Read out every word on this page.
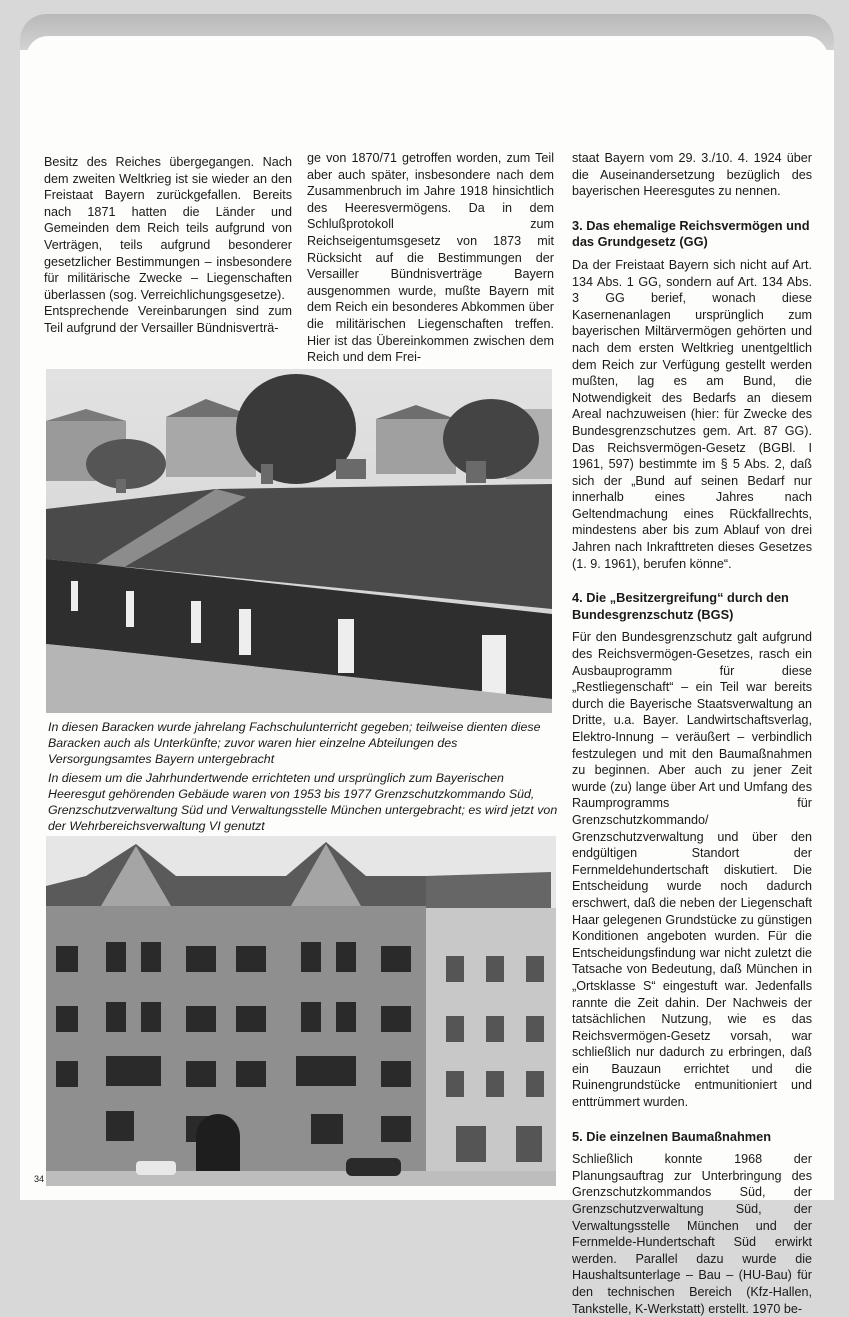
Besitz des Reiches übergegangen. Nach dem zweiten Weltkrieg ist sie wieder an den Freistaat Bayern zurückgefallen. Bereits nach 1871 hatten die Länder und Gemeinden dem Reich teils aufgrund von Verträgen, teils aufgrund besonderer gesetzlicher Bestimmungen – insbesondere für militärische Zwecke – Liegenschaften überlassen (sog. Verreichlichungsgesetze).

Entsprechende Vereinbarungen sind zum Teil aufgrund der Versailler Bündnisverträ-

ge von 1870/71 getroffen worden, zum Teil aber auch später, insbesondere nach dem Zusammenbruch im Jahre 1918 hinsichtlich des Heeresvermögens. Da in dem Schlußprotokoll zum Reichseigentumsgesetz von 1873 mit Rücksicht auf die Bestimmungen der Versailler Bündnisverträge Bayern ausgenommen wurde, mußte Bayern mit dem Reich ein besonderes Abkommen über die militärischen Liegenschaften treffen. Hier ist das Übereinkommen zwischen dem Reich und dem Frei-

staat Bayern vom 29. 3./10. 4. 1924 über die Auseinandersetzung bezüglich des bayerischen Heeresgutes zu nennen.

3. Das ehemalige Reichsvermögen und das Grundgesetz (GG)

Da der Freistaat Bayern sich nicht auf Art. 134 Abs. 1 GG, sondern auf Art. 134 Abs. 3 GG berief, wonach diese Kasernenanlagen ursprünglich zum bayerischen Miltärvermögen gehörten und nach dem ersten Weltkrieg unentgeltlich dem Reich zur Verfügung gestellt werden mußten, lag es am Bund, die Notwendigkeit des Bedarfs an diesem Areal nachzuweisen (hier: für Zwecke des Bundesgrenzschutzes gem. Art. 87 GG). Das Reichsvermögen-Gesetz (BGBl. I 1961, 597) bestimmte im § 5 Abs. 2, daß sich der „Bund auf seinen Bedarf nur innerhalb eines Jahres nach Geltendmachung eines Rückfallrechts, mindestens aber bis zum Ablauf von drei Jahren nach Inkrafttreten dieses Gesetzes (1. 9. 1961), berufen könne“.

4. Die „Besitzergreifung“ durch den Bundesgrenzschutz (BGS)

Für den Bundesgrenzschutz galt aufgrund des Reichsvermögen-Gesetzes, rasch ein Ausbauprogramm für diese „Restliegenschaft“ – ein Teil war bereits durch die Bayerische Staatsverwaltung an Dritte, u.a. Bayer. Landwirtschaftsverlag, Elektro-Innung – veräußert – verbindlich festzulegen und mit den Baumaßnahmen zu beginnen. Aber auch zu jener Zeit wurde (zu) lange über Art und Umfang des Raumprogramms für Grenzschutzkommando/ Grenzschutzverwaltung und über den endgültigen Standort der Fernmeldehundertschaft diskutiert. Die Entscheidung wurde noch dadurch erschwert, daß die neben der Liegenschaft Haar gelegenen Grundstücke zu günstigen Konditionen angeboten wurden. Für die Entscheidungsfindung war nicht zuletzt die Tatsache von Bedeutung, daß München in „Ortsklasse S“ eingestuft war. Jedenfalls rannte die Zeit dahin. Der Nachweis der tatsächlichen Nutzung, wie es das Reichsvermögen-Gesetz vorsah, war schließlich nur dadurch zu erbringen, daß ein Bauzaun errichtet und die Ruinengrundstücke entmunitioniert und enttrümmert wurden.

5. Die einzelnen Baumaßnahmen

Schließlich konnte 1968 der Planungsauftrag zur Unterbringung des Grenzschutzkommandos Süd, der Grenzschutzverwaltung Süd, der Verwaltungsstelle München und der Fernmelde-Hundertschaft Süd erwirkt werden. Parallel dazu wurde die Haushaltsunterlage – Bau – (HU-Bau) für den technischen Bereich (Kfz-Hallen, Tankstelle, K-Werkstatt) erstellt. 1970 be-

In diesen Baracken wurde jahrelang Fachschulunterricht gegeben; teilweise dienten diese Baracken auch als Unterkünfte; zuvor waren hier einzelne Abteilungen des Versorgungsamtes Bayern untergebracht
In diesem um die Jahrhundertwende errichteten und ursprünglich zum Bayerischen Heeresgut gehörenden Gebäude waren von 1953 bis 1977 Grenzschutzkommando Süd, Grenzschutzverwaltung Süd und Verwaltungsstelle München untergebracht; es wird jetzt von der Wehrbereichsverwaltung VI genutzt
34
